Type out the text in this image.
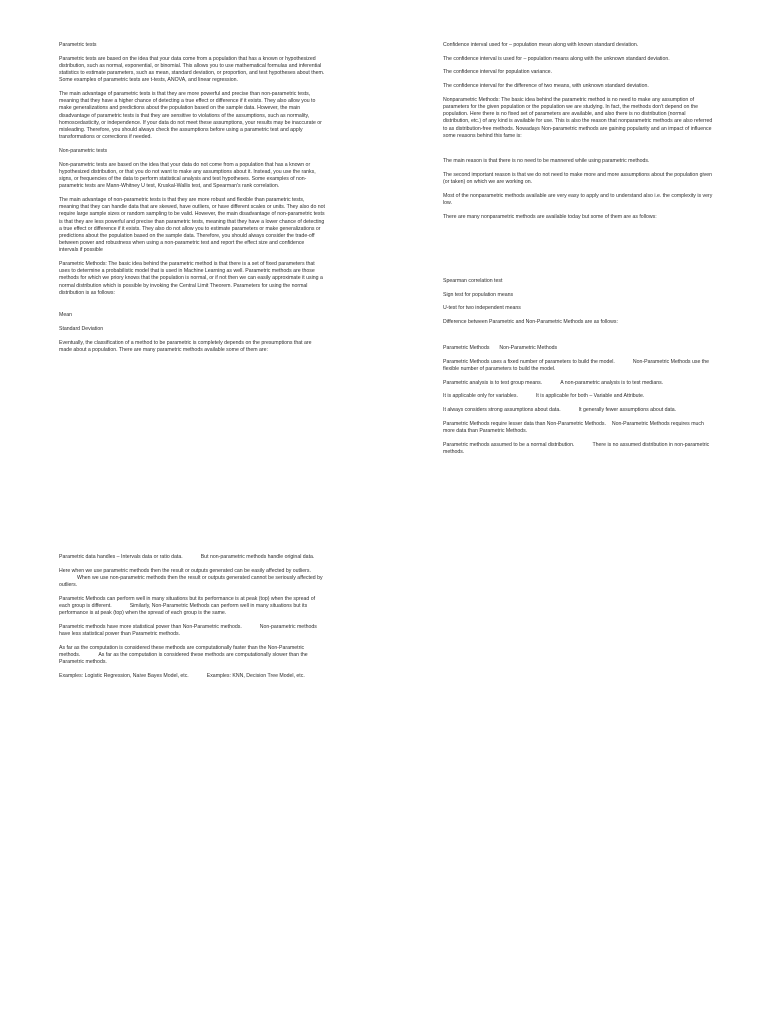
Parametric tests

Parametric tests are based on the idea that your data come from a population that has a known or hypothesized distribution, such as normal, exponential, or binomial. This allows you to use mathematical formulas and inferential statistics to estimate parameters, such as mean, standard deviation, or proportion, and test hypotheses about them. Some examples of parametric tests are t-tests, ANOVA, and linear regression.

The main advantage of parametric tests is that they are more powerful and precise than non-parametric tests, meaning that they have a higher chance of detecting a true effect or difference if it exists. They also allow you to make generalizations and predictions about the population based on the sample data. However, the main disadvantage of parametric tests is that they are sensitive to violations of the assumptions, such as normality, homoscedasticity, or independence. If your data do not meet these assumptions, your results may be inaccurate or misleading. Therefore, you should always check the assumptions before using a parametric test and apply transformations or corrections if needed.

Non-parametric tests

Non-parametric tests are based on the idea that your data do not come from a population that has a known or hypothesized distribution, or that you do not want to make any assumptions about it. Instead, you use the ranks, signs, or frequencies of the data to perform statistical analysis and test hypotheses. Some examples of non-parametric tests are Mann-Whitney U test, Kruskal-Wallis test, and Spearman's rank correlation.

The main advantage of non-parametric tests is that they are more robust and flexible than parametric tests, meaning that they can handle data that are skewed, have outliers, or have different scales or units. They also do not require large sample sizes or random sampling to be valid. However, the main disadvantage of non-parametric tests is that they are less powerful and precise than parametric tests, meaning that they have a lower chance of detecting a true effect or difference if it exists. They also do not allow you to estimate parameters or make generalizations or predictions about the population based on the sample data. Therefore, you should always consider the trade-off between power and robustness when using a non-parametric test and report the effect size and confidence intervals if possible

Parametric Methods: The basic idea behind the parametric method is that there is a set of fixed parameters that uses to determine a probabilistic model that is used in Machine Learning as well. Parametric methods are those methods for which we priory knows that the population is normal, or if not then we can easily approximate it using a normal distribution which is possible by invoking the Central Limit Theorem. Parameters for using the normal distribution is as follows:

Mean

Standard Deviation

Eventually, the classification of a method to be parametric is completely depends on the presumptions that are made about a population. There are many parametric methods available some of them are:

Parametric data handles – Intervals data or ratio data.	But non-parametric methods handle original data.

Here when we use parametric methods then the result or outputs generated can be easily affected by outliers.When we use non-parametric methods then the result or outputs generated cannot be seriously affected by outliers.

Parametric Methods can perform well in many situations but its performance is at peak (top) when the spread of each group is different.	Similarly, Non-Parametric Methods can perform well in many situations but its performance is at peak (top) when the spread of each group is the same.

Parametric methods have more statistical power than Non-Parametric methods.	Non-parametric methods have less statistical power than Parametric methods.

As far as the computation is considered these methods are computationally faster than the Non-Parametric methods.	As far as the computation is considered these methods are computationally slower than the Parametric methods.

Examples: Logistic Regression, Naive Bayes Model, etc.	Examples: KNN, Decision Tree Model, etc.

Confidence interval used for – population mean along with known standard deviation.

The confidence interval is used for – population means along with the unknown standard deviation.

The confidence interval for population variance.

The confidence interval for the difference of two means, with unknown standard deviation.

Nonparametric Methods: The basic idea behind the parametric method is no need to make any assumption of parameters for the given population or the population we are studying. In fact, the methods don't depend on the population. Here there is no fixed set of parameters are available, and also there is no distribution (normal distribution, etc.) of any kind is available for use. This is also the reason that nonparametric methods are also referred to as distribution-free methods. Nowadays Non-parametric methods are gaining popularity and an impact of influence some reasons behind this fame is:

The main reason is that there is no need to be mannered while using parametric methods.

The second important reason is that we do not need to make more and more assumptions about the population given (or taken) on which we are working on.

Most of the nonparametric methods available are very easy to apply and to understand also i.e. the complexity is very low.

There are many nonparametric methods are available today but some of them are as follows:

Spearman correlation test

Sign test for population means

U-test for two independent means

Difference between Parametric and Non-Parametric Methods are as follows:

Parametric Methods Non-Parametric Methods

Parametric Methods uses a fixed number of parameters to build the model.	Non-Parametric Methods use the flexible number of parameters to build the model.

Parametric analysis is to test group means.	A non-parametric analysis is to test medians.

It is applicable only for variables.	It is applicable for both – Variable and Attribute.

It always considers strong assumptions about data.	It generally fewer assumptions about data.

Parametric Methods require lesser data than Non-Parametric Methods. Non-Parametric Methods requires much more data than Parametric Methods.

Parametric methods assumed to be a normal distribution.	There is no assumed distribution in non-parametric methods.
